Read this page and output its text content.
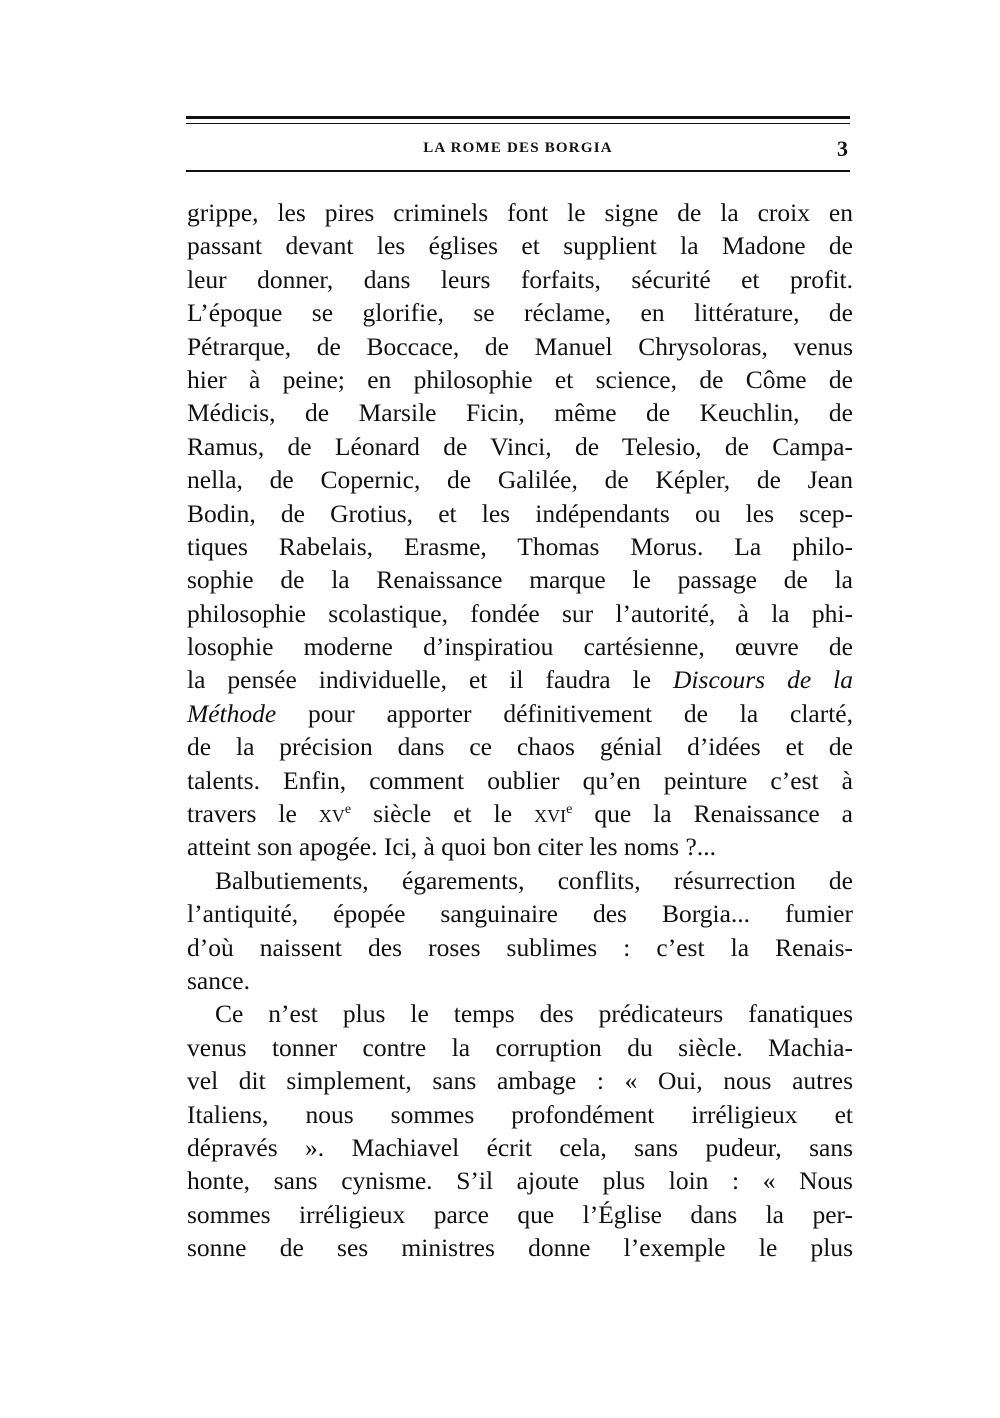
LA ROME DES BORGIA	3
grippe, les pires criminels font le signe de la croix en
passant devant les églises et supplient la Madone de
leur donner, dans leurs forfaits, sécurité et profit.
L’époque se glorifie, se réclame, en littérature, de
Pétrarque, de Boccace, de Manuel Chrysoloras, venus
hier à peine; en philosophie et science, de Côme de
Médicis, de Marsile Ficin, même de Keuchlin, de
Ramus, de Léonard de Vinci, de Telesio, de Campa-
nella, de Copernic, de Galilée, de Képler, de Jean
Bodin, de Grotius, et les indépendants ou les scep-
tiques Rabelais, Erasme, Thomas Morus. La philo-
sophie de la Renaissance marque le passage de la
philosophie scolastique, fondée sur l’autorité, à la phi-
losophie moderne d’inspiratiou cartésienne, œuvre de
la pensée individuelle, et il faudra le Discours de la
Méthode pour apporter définitivement de la clarté,
de la précision dans ce chaos génial d’idées et de
talents. Enfin, comment oublier qu’en peinture c’est à
travers le $xv^e$ siècle et le xvi$^e$ que la Renaissance a
atteint son apogée. Ici, à quoi bon citer les noms ?...
Balbutiements, égarements, conflits, résurrection de
l’antiquité, épopée sanguinaire des Borgia... fumier
d’où naissent des roses sublimes : c’est la Renais-
sance.
Ce n’est plus le temps des prédicateurs fanatiques
venus tonner contre la corruption du siècle. Machia-
vel dit simplement, sans ambage : « Oui, nous autres
Italiens, nous sommes profondément irréligieux et
dépravés ». Machiavel écrit cela, sans pudeur, sans
honte, sans cynisme. S’il ajoute plus loin : « Nous
sommes irréligieux parce que l’Église dans la per-
sonne de ses ministres donne l’exemple le plus
